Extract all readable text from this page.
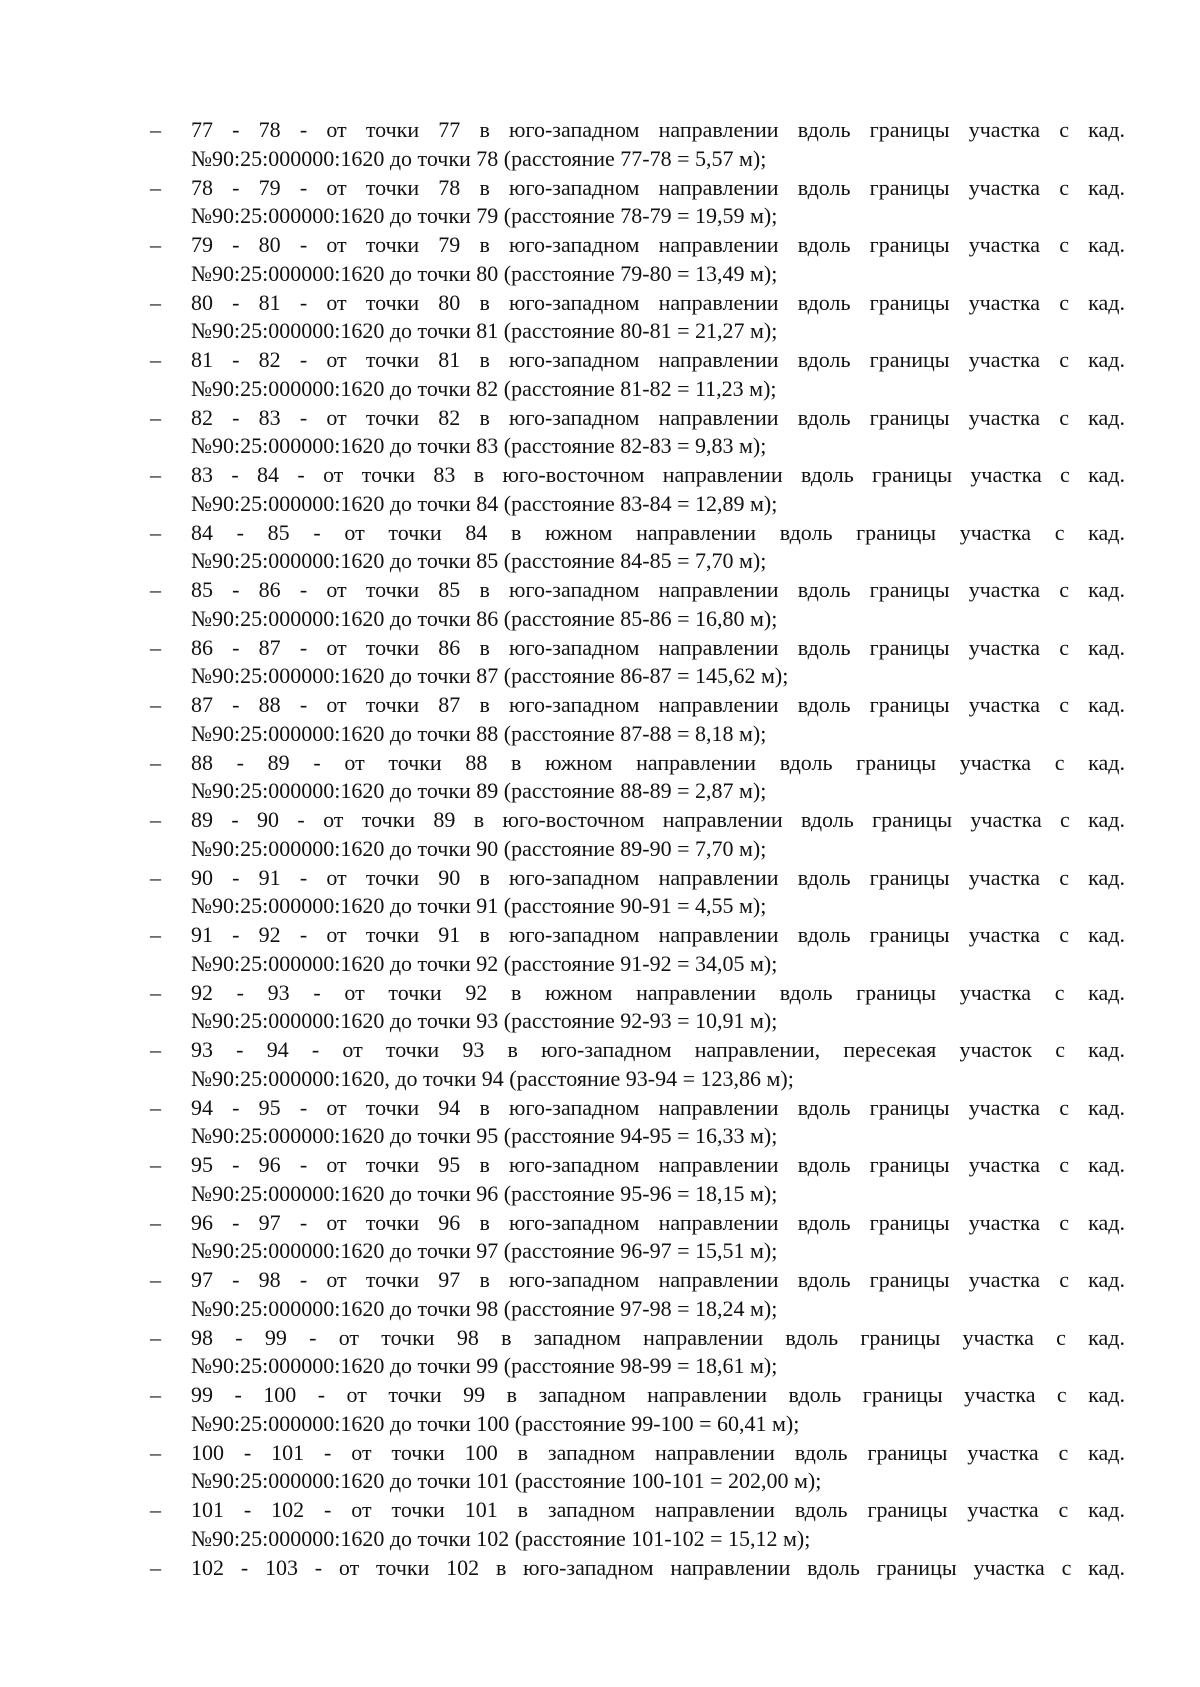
–	77 - 78 - от точки 77 в юго-западном направлении вдоль границы участка с кад.
№90:25:000000:1620 до точки 78 (расстояние 77-78 = 5,57 м);
–	78 - 79 - от точки 78 в юго-западном направлении вдоль границы участка с кад.
№90:25:000000:1620 до точки 79 (расстояние 78-79 = 19,59 м);
–	79 - 80 - от точки 79 в юго-западном направлении вдоль границы участка с кад.
№90:25:000000:1620 до точки 80 (расстояние 79-80 = 13,49 м);
–	80 - 81 - от точки 80 в юго-западном направлении вдоль границы участка с кад.
№90:25:000000:1620 до точки 81 (расстояние 80-81 = 21,27 м);
–	81 - 82 - от точки 81 в юго-западном направлении вдоль границы участка с кад.
№90:25:000000:1620 до точки 82 (расстояние 81-82 = 11,23 м);
–	82 - 83 - от точки 82 в юго-западном направлении вдоль границы участка с кад.
№90:25:000000:1620 до точки 83 (расстояние 82-83 = 9,83 м);
–	83 - 84 - от точки 83 в юго-восточном направлении вдоль границы участка с кад.
№90:25:000000:1620 до точки 84 (расстояние 83-84 = 12,89 м);
–	84 - 85 - от точки 84 в южном направлении вдоль границы участка с кад.
№90:25:000000:1620 до точки 85 (расстояние 84-85 = 7,70 м);
–	85 - 86 - от точки 85 в юго-западном направлении вдоль границы участка с кад.
№90:25:000000:1620 до точки 86 (расстояние 85-86 = 16,80 м);
–	86 - 87 - от точки 86 в юго-западном направлении вдоль границы участка с кад.
№90:25:000000:1620 до точки 87 (расстояние 86-87 = 145,62 м);
–	87 - 88 - от точки 87 в юго-западном направлении вдоль границы участка с кад.
№90:25:000000:1620 до точки 88 (расстояние 87-88 = 8,18 м);
–	88 - 89 - от точки 88 в южном направлении вдоль границы участка с кад.
№90:25:000000:1620 до точки 89 (расстояние 88-89 = 2,87 м);
–	89 - 90 - от точки 89 в юго-восточном направлении вдоль границы участка с кад.
№90:25:000000:1620 до точки 90 (расстояние 89-90 = 7,70 м);
–	90 - 91 - от точки 90 в юго-западном направлении вдоль границы участка с кад.
№90:25:000000:1620 до точки 91 (расстояние 90-91 = 4,55 м);
–	91 - 92 - от точки 91 в юго-западном направлении вдоль границы участка с кад.
№90:25:000000:1620 до точки 92 (расстояние 91-92 = 34,05 м);
–	92 - 93 - от точки 92 в южном направлении вдоль границы участка с кад.
№90:25:000000:1620 до точки 93 (расстояние 92-93 = 10,91 м);
–	93 - 94 - от точки 93 в юго-западном направлении, пересекая участок с кад.
№90:25:000000:1620, до точки 94 (расстояние 93-94 = 123,86 м);
–	94 - 95 - от точки 94 в юго-западном направлении вдоль границы участка с кад.
№90:25:000000:1620 до точки 95 (расстояние 94-95 = 16,33 м);
–	95 - 96 - от точки 95 в юго-западном направлении вдоль границы участка с кад.
№90:25:000000:1620 до точки 96 (расстояние 95-96 = 18,15 м);
–	96 - 97 - от точки 96 в юго-западном направлении вдоль границы участка с кад.
№90:25:000000:1620 до точки 97 (расстояние 96-97 = 15,51 м);
–	97 - 98 - от точки 97 в юго-западном направлении вдоль границы участка с кад.
№90:25:000000:1620 до точки 98 (расстояние 97-98 = 18,24 м);
–	98 - 99 - от точки 98 в западном направлении вдоль границы участка с кад.
№90:25:000000:1620 до точки 99 (расстояние 98-99 = 18,61 м);
–	99 - 100 - от точки 99 в западном направлении вдоль границы участка с кад.
№90:25:000000:1620 до точки 100 (расстояние 99-100 = 60,41 м);
–	100 - 101 - от точки 100 в западном направлении вдоль границы участка с кад.
№90:25:000000:1620 до точки 101 (расстояние 100-101 = 202,00 м);
–	101 - 102 - от точки 101 в западном направлении вдоль границы участка с кад.
№90:25:000000:1620 до точки 102 (расстояние 101-102 = 15,12 м);
–	102 - 103 - от точки 102 в юго-западном направлении вдоль границы участка с кад.
